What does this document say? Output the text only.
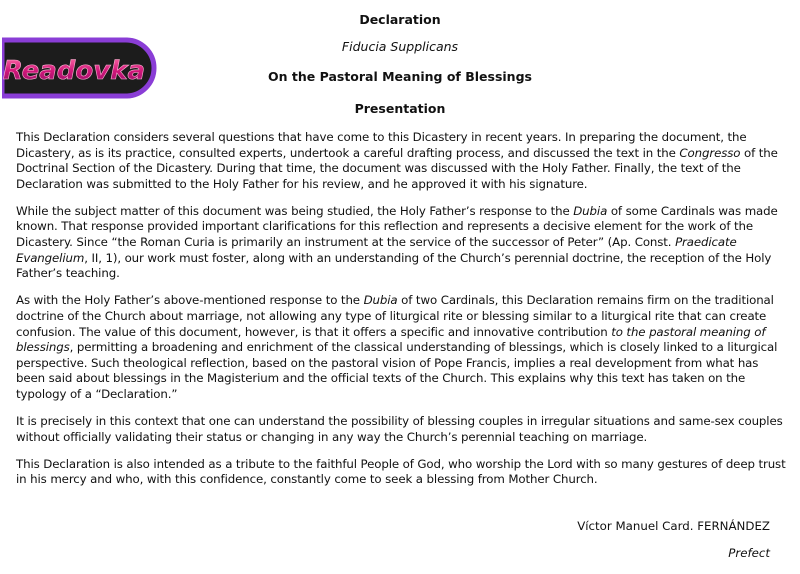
Readovka
Declaration
Fiducia Supplicans
On the Pastoral Meaning of Blessings
Presentation

This Declaration considers several questions that have come to this Dicastery in recent years. In preparing the document, the Dicastery, as is its practice, consulted experts, undertook a careful drafting process, and discussed the text in the Congresso of the Doctrinal Section of the Dicastery. During that time, the document was discussed with the Holy Father. Finally, the text of the Declaration was submitted to the Holy Father for his review, and he approved it with his signature.

While the subject matter of this document was being studied, the Holy Father’s response to the Dubia of some Cardinals was made known. That response provided important clarifications for this reflection and represents a decisive element for the work of the Dicastery. Since “the Roman Curia is primarily an instrument at the service of the successor of Peter” (Ap. Const. Praedicate Evangelium, II, 1), our work must foster, along with an understanding of the Church’s perennial doctrine, the reception of the Holy Father’s teaching.

As with the Holy Father’s above-mentioned response to the Dubia of two Cardinals, this Declaration remains firm on the traditional doctrine of the Church about marriage, not allowing any type of liturgical rite or blessing similar to a liturgical rite that can create confusion. The value of this document, however, is that it offers a specific and innovative contribution to the pastoral meaning of blessings, permitting a broadening and enrichment of the classical understanding of blessings, which is closely linked to a liturgical perspective. Such theological reflection, based on the pastoral vision of Pope Francis, implies a real development from what has been said about blessings in the Magisterium and the official texts of the Church. This explains why this text has taken on the typology of a “Declaration.”

It is precisely in this context that one can understand the possibility of blessing couples in irregular situations and same-sex couples without officially validating their status or changing in any way the Church’s perennial teaching on marriage.

This Declaration is also intended as a tribute to the faithful People of God, who worship the Lord with so many gestures of deep trust in his mercy and who, with this confidence, constantly come to seek a blessing from Mother Church.

Víctor Manuel Card. FERNÁNDEZ
Prefect
